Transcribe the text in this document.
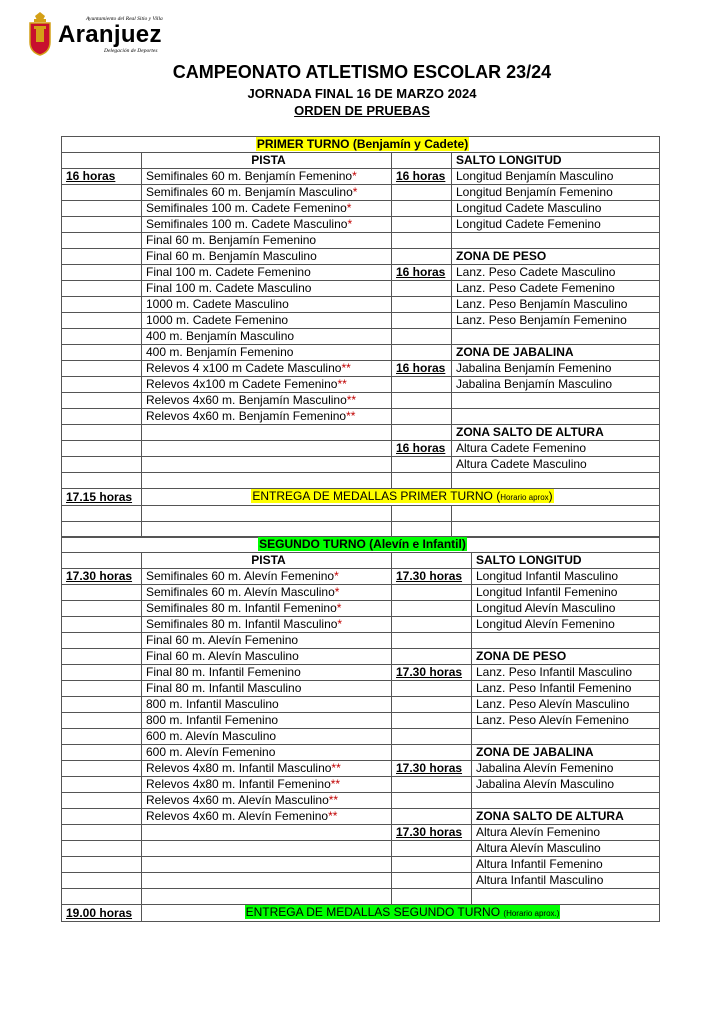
Ayuntamiento del Real Sitio y Villa
Aranjuez
Delegación de Deportes
CAMPEONATO ATLETISMO ESCOLAR 23/24
JORNADA FINAL 16 DE MARZO 2024
ORDEN DE PRUEBAS
PRIMER TURNO (Benjamín y Cadete)			
	PISTA		SALTO LONGITUD
16 horas	Semifinales 60 m. Benjamín Femenino*	16 horas	Longitud Benjamín Masculino
	Semifinales 60 m. Benjamín Masculino*		Longitud Benjamín Femenino
	Semifinales 100 m. Cadete Femenino*		Longitud Cadete Masculino
	Semifinales 100 m. Cadete Masculino*		Longitud Cadete Femenino
	Final 60 m. Benjamín Femenino		
	Final 60 m. Benjamín Masculino		ZONA DE PESO
	Final 100 m. Cadete Femenino	16 horas	Lanz. Peso Cadete Masculino
	Final 100 m. Cadete Masculino		Lanz. Peso Cadete Femenino
	1000 m. Cadete Masculino		Lanz. Peso Benjamín Masculino
	1000 m. Cadete Femenino		Lanz. Peso Benjamín Femenino
	400 m. Benjamín Masculino		
	400 m. Benjamín Femenino		ZONA DE JABALINA
	Relevos 4 x100 m Cadete Masculino**	16 horas	Jabalina Benjamín Femenino
	Relevos 4x100 m Cadete Femenino**		Jabalina Benjamín Masculino
	Relevos 4x60 m. Benjamín Masculino**		
	Relevos 4x60 m. Benjamín Femenino**		
			ZONA SALTO DE ALTURA
		16 horas	Altura Cadete Femenino
			Altura Cadete Masculino

17.15 horas	ENTREGA DE MEDALLAS PRIMER TURNO (Horario aprox)		

SEGUNDO TURNO (Alevín e Infantil)			
	PISTA		SALTO LONGITUD
17.30 horas	Semifinales 60 m. Alevín Femenino*	17.30 horas	Longitud Infantil Masculino
	Semifinales 60 m. Alevín Masculino*		Longitud Infantil Femenino
	Semifinales 80 m. Infantil Femenino*		Longitud Alevín Masculino
	Semifinales 80 m. Infantil Masculino*		Longitud Alevín Femenino
	Final 60 m. Alevín Femenino		
	Final 60 m. Alevín Masculino		ZONA DE PESO
	Final 80 m. Infantil Femenino	17.30 horas	Lanz. Peso Infantil Masculino
	Final 80 m. Infantil Masculino		Lanz. Peso Infantil Femenino
	800 m. Infantil Masculino		Lanz. Peso Alevín Masculino
	800 m. Infantil Femenino		Lanz. Peso Alevín Femenino
	600 m. Alevín Masculino		
	600 m. Alevín Femenino		ZONA DE JABALINA
	Relevos 4x80 m. Infantil Masculino**	17.30 horas	Jabalina Alevín Femenino
	Relevos 4x80 m. Infantil Femenino**		Jabalina Alevín Masculino
	Relevos 4x60 m. Alevín Masculino**		
	Relevos 4x60 m. Alevín Femenino**		ZONA SALTO DE ALTURA
		17.30 horas	Altura Alevín Femenino
			Altura Alevín Masculino
			Altura Infantil Femenino
			Altura Infantil Masculino

19.00 horas	ENTREGA DE MEDALLAS SEGUNDO TURNO (Horario aprox.)		
